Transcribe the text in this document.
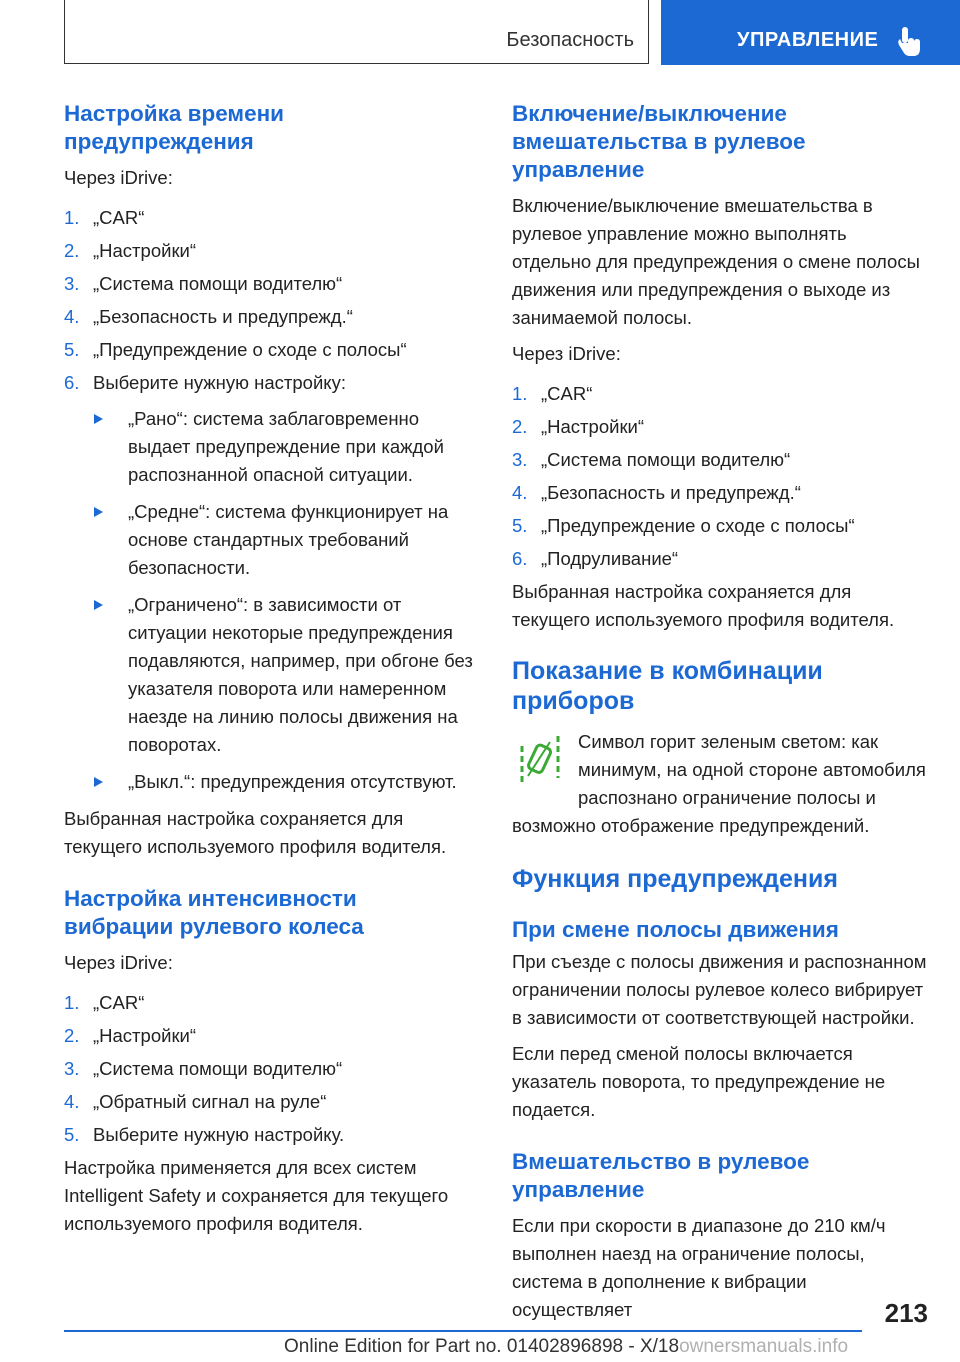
Безопасность	УПРАВЛЕНИЕ
Настройка времени предупреждения

Через iDrive:

1. „CAR“
2. „Настройки“
3. „Система помощи водителю“
4. „Безопасность и предупрежд.“
5. „Предупреждение о сходе с полосы“
6. Выберите нужную настройку:
„Рано“: система заблаговременно выдает предупреждение при каждой распознанной опасной ситуации.
„Средне“: система функционирует на основе стандартных требований безопасности.
„Ограничено“: в зависимости от ситуации некоторые предупреждения подавляются, например, при обгоне без указателя поворота или намеренном наезде на линию полосы движения на поворотах.
„Выкл.“: предупреждения отсутствуют.

Выбранная настройка сохраняется для текущего используемого профиля водителя.

Настройка интенсивности вибрации рулевого колеса

Через iDrive:

1. „CAR“
2. „Настройки“
3. „Система помощи водителю“
4. „Обратный сигнал на руле“
5. Выберите нужную настройку.

Настройка применяется для всех систем Intelligent Safety и сохраняется для текущего используемого профиля водителя.

Включение/выключение вмешательства в рулевое управление

Включение/выключение вмешательства в рулевое управление можно выполнять отдельно для предупреждения о смене полосы движения или предупреждения о выходе из занимаемой полосы.

Через iDrive:

1. „CAR“
2. „Настройки“
3. „Система помощи водителю“
4. „Безопасность и предупрежд.“
5. „Предупреждение о сходе с полосы“
6. „Подруливание“

Выбранная настройка сохраняется для текущего используемого профиля водителя.

Показание в комбинации приборов
Символ горит зеленым светом: как минимум, на одной стороне автомобиля распознано ограничение полосы и возможно отображение предупреждений.
Функция предупреждения
При смене полосы движения

При съезде с полосы движения и распознанном ограничении полосы рулевое колесо вибрирует в зависимости от соответствующей настройки.

Если перед сменой полосы включается указатель поворота, то предупреждение не подается.

Вмешательство в рулевое управление

Если при скорости в диапазоне до 210 км/ч выполнен наезд на ограничение полосы, система в дополнение к вибрации осуществляет	213
Online Edition for Part no. 01402896898 - X/18ownersmanuals.info
